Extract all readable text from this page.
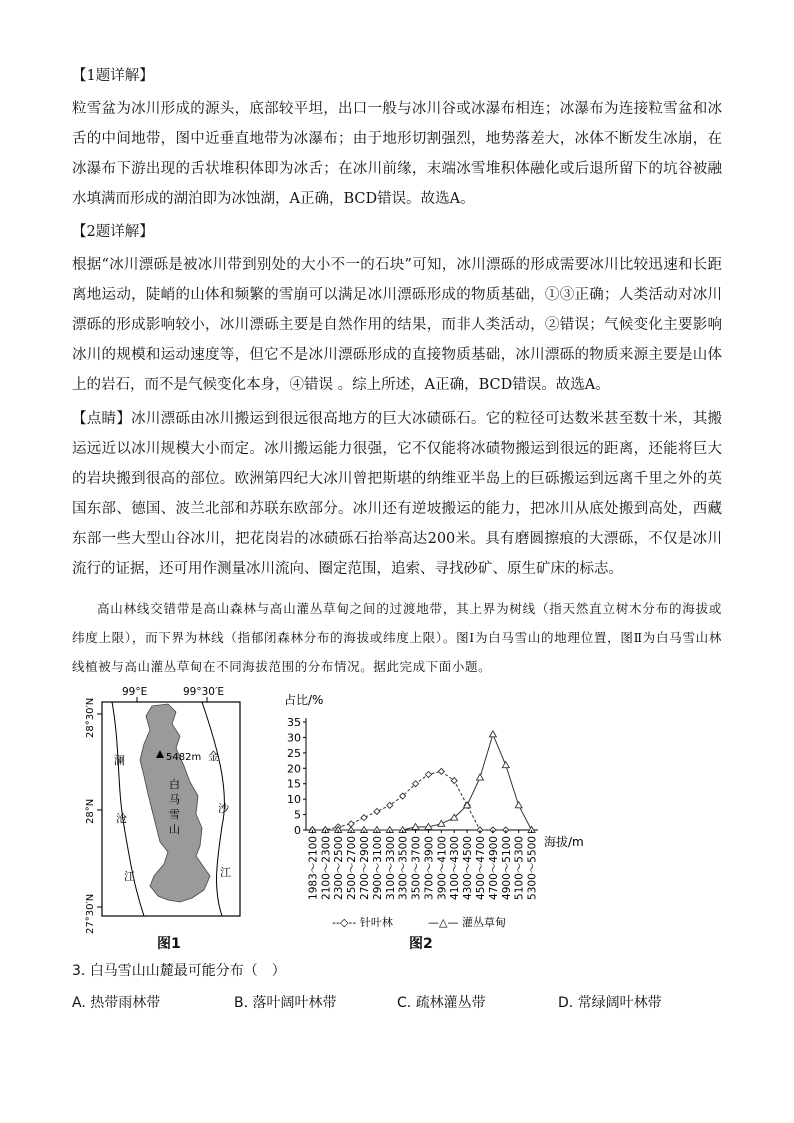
【1题详解】
粒雪盆为冰川形成的源头，底部较平坦，出口一般与冰川谷或冰瀑布相连；冰瀑布为连接粒雪盆和冰舌的中间地带，图中近垂直地带为冰瀑布；由于地形切割强烈，地势落差大，冰体不断发生冰崩，在冰瀑布下游出现的舌状堆积体即为冰舌；在冰川前缘，末端冰雪堆积体融化或后退所留下的坑谷被融水填满而形成的湖泊即为冰蚀湖，A正确，BCD错误。故选A。
【2题详解】
根据“冰川漂砾是被冰川带到别处的大小不一的石块”可知，冰川漂砾的形成需要冰川比较迅速和长距离地运动，陡峭的山体和频繁的雪崩可以满足冰川漂砾形成的物质基础，①③正确；人类活动对冰川漂砾的形成影响较小，冰川漂砾主要是自然作用的结果，而非人类活动，②错误；气候变化主要影响冰川的规模和运动速度等，但它不是冰川漂砾形成的直接物质基础，冰川漂砾的物质来源主要是山体上的岩石，而不是气候变化本身，④错误 。综上所述，A正确，BCD错误。故选A。
【点睛】冰川漂砾由冰川搬运到很远很高地方的巨大冰碛砾石。它的粒径可达数米甚至数十米，其搬运远近以冰川规模大小而定。冰川搬运能力很强，它不仅能将冰碛物搬运到很远的距离，还能将巨大的岩块搬到很高的部位。欧洲第四纪大冰川曾把斯堪的纳维亚半岛上的巨砾搬运到远离千里之外的英国东部、德国、波兰北部和苏联东欧部分。冰川还有逆坡搬运的能力，把冰川从底处搬到高处，西藏东部一些大型山谷冰川，把花岗岩的冰碛砾石抬举高达200米。具有磨圆擦痕的大漂砾，不仅是冰川流行的证据，还可用作测量冰川流向、圈定范围，追索、寻找砂矿、原生矿床的标志。
高山林线交错带是高山森林与高山灌丛草甸之间的过渡地带，其上界为树线（指天然直立树木分布的海拔或纬度上限），而下界为林线（指郁闭森林分布的海拔或纬度上限）。图Ⅰ为白马雪山的地理位置，图Ⅱ为白马雪山林线植被与高山灌丛草甸在不同海拔范围的分布情况。据此完成下面小题。
99°E	99°30′E
28°30′N
28°N
27°30′N
5482m
白
马
雪
山
澜
沧
江
金
沙
江
图1
占比/%
海拔/m
0
5
10
15
20
25
30
35
1983～2100 2100～2300 2300～2500 2500～2700 2700～2900 2900～3100 3100～3300 3300～3500 3500～3700 3700～3900 3900～4100 4100～4300 4300～4500 4500～4700 4700～4900 4900～5100 5100～5300 5300～5500
--◇-- 针叶林	—△— 灌丛草甸
图2
3. 白马雪山山麓最可能分布（　）
A. 热带雨林带	B. 落叶阔叶林带	C. 疏林灌丛带	D. 常绿阔叶林带
